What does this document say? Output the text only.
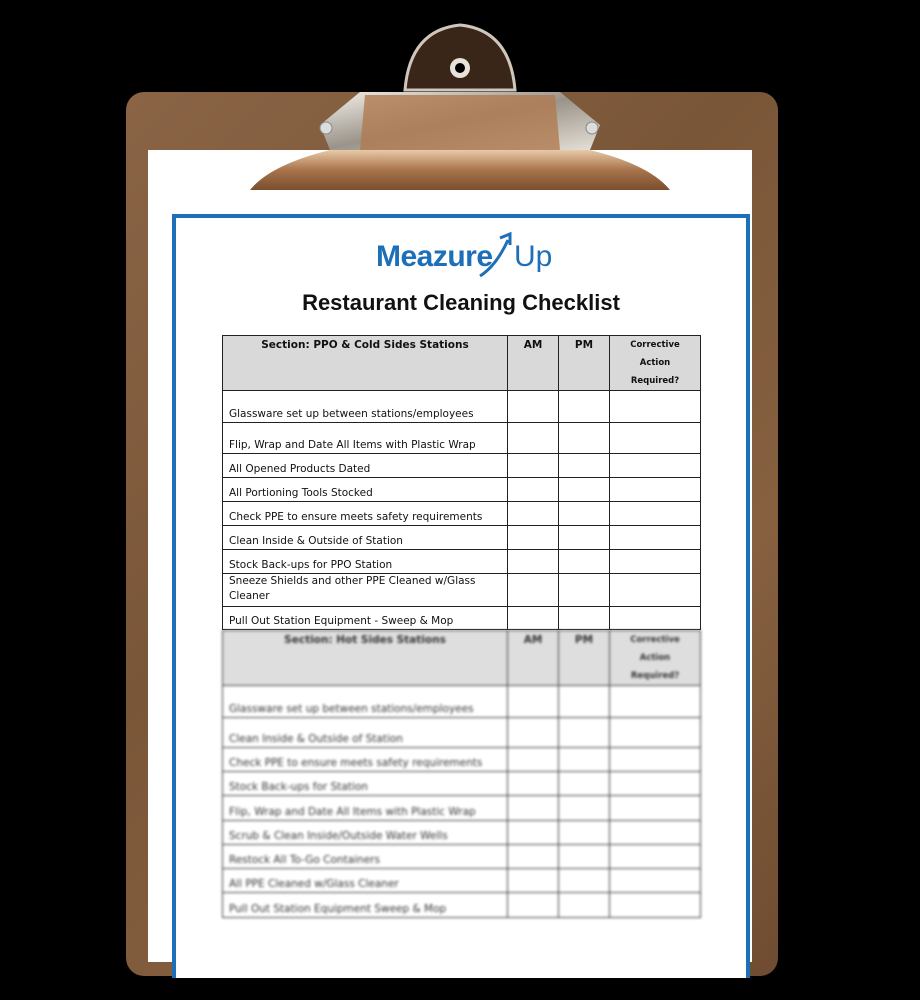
Meazure Up
Restaurant Cleaning Checklist
Section: PPO & Cold Sides Stations	AM	PM	Corrective Action Required?
Glassware set up between stations/employees			
Flip, Wrap and Date All Items with Plastic Wrap			
All Opened Products Dated			
All Portioning Tools Stocked			
Check PPE to ensure meets safety requirements			
Clean Inside & Outside of Station			
Stock Back-ups for PPO Station			
Sneeze Shields and other PPE Cleaned w/Glass Cleaner			
Pull Out Station Equipment - Sweep & Mop			
Section: Hot Sides Stations	AM	PM	Corrective Action Required?
Glassware set up between stations/employees			
Clean Inside & Outside of Station			
Check PPE to ensure meets safety requirements			
Stock Back-ups for Station			
Flip, Wrap and Date All Items with Plastic Wrap			
Scrub & Clean Inside/Outside Water Wells			
Restock All To-Go Containers			
All PPE Cleaned w/Glass Cleaner			
Pull Out Station Equipment Sweep & Mop			
